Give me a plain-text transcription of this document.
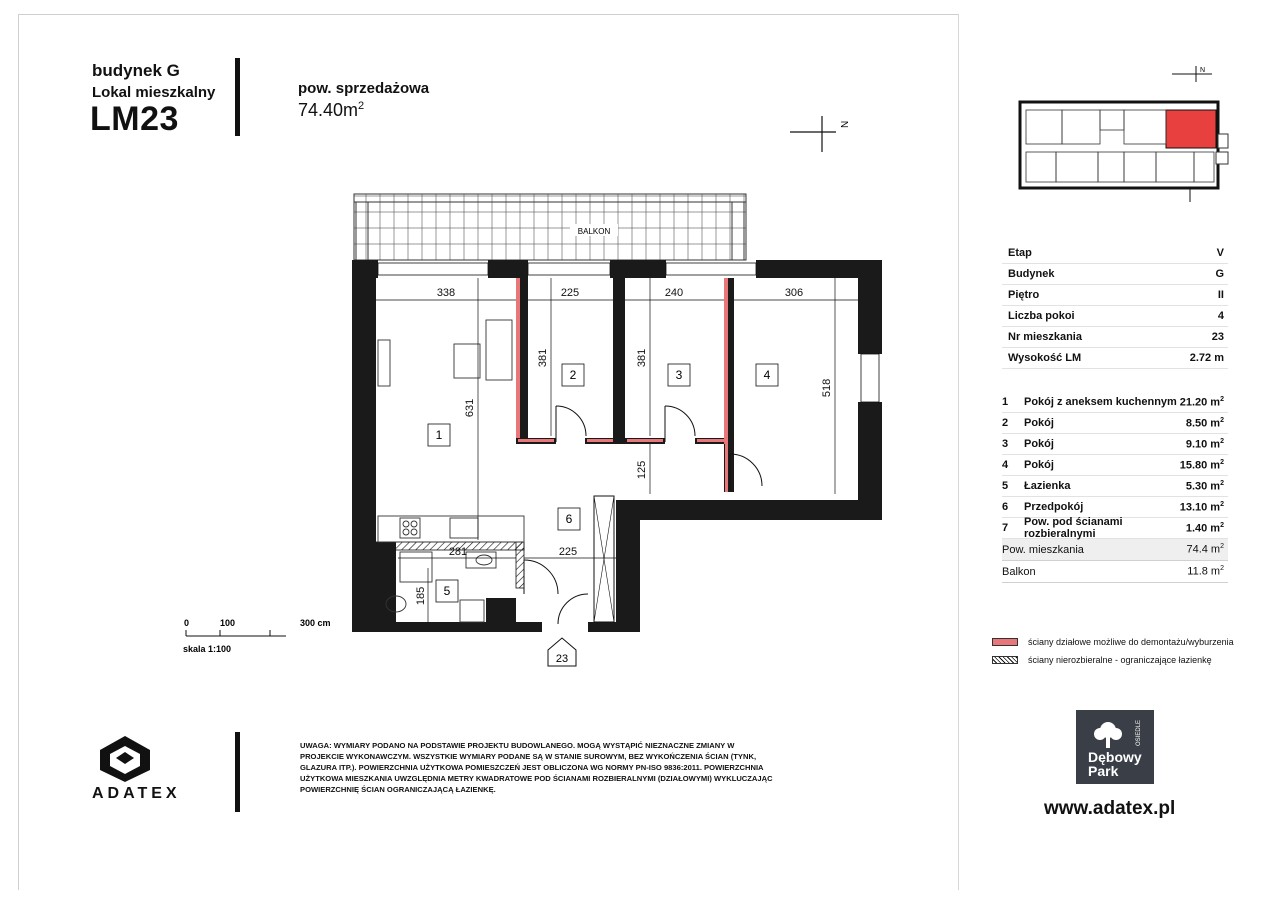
budynek G
Lokal mieszkalny
LM23
pow. sprzedażowa
$74.40m^2$
N
BALKON
338	225	240	306
381	381
518
631
125
281	225
185
1
2	3	4
5
6
23
0	100	300 cm
skala 1:100
N
Etap	V
Budynek	G
Piętro	II
Liczba pokoi	4
Nr mieszkania	23
Wysokość LM	2.72 m
1	Pokój z aneksem kuchennym 21.20 $m^2$
2	Pokój	8.50 $m^2$
3	Pokój	9.10 $m^2$
4	Pokój	15.80 $m^2$
5	Łazienka	5.30 $m^2$
6	Przedpokój	13.10 $m^2$
7	Pow. pod ścianami rozbieralnymi	1.40 $m^2$
Pow. mieszkania	74.4 $m^2$
Balkon	11.8 $m^2$
ściany działowe możliwe do demontażu/wyburzenia
ściany nierozbieralne - ograniczające łazienkę
OSIEDLE
Dębowy
Park
www.adatex.pl
ADATEX
UWAGA: WYMIARY PODANO NA PODSTAWIE PROJEKTU BUDOWLANEGO. MOGĄ WYSTĄPIĆ NIEZNACZNE ZMIANY W PROJEKCIE WYKONAWCZYM. WSZYSTKIE WYMIARY PODANE SĄ W STANIE SUROWYM, BEZ WYKOŃCZENIA ŚCIAN (TYNK, GLAZURA ITP.). POWIERZCHNIA UŻYTKOWA POMIESZCZEŃ JEST OBLICZONA WG NORMY PN-ISO 9836:2011. POWIERZCHNIA UŻYTKOWA MIESZKANIA UWZGLĘDNIA METRY KWADRATOWE POD ŚCIANAMI ROZBIERALNYMI (DZIAŁOWYMI) WYKLUCZAJĄC POWIERZCHNIĘ ŚCIAN OGRANICZAJĄCĄ ŁAZIENKĘ.
